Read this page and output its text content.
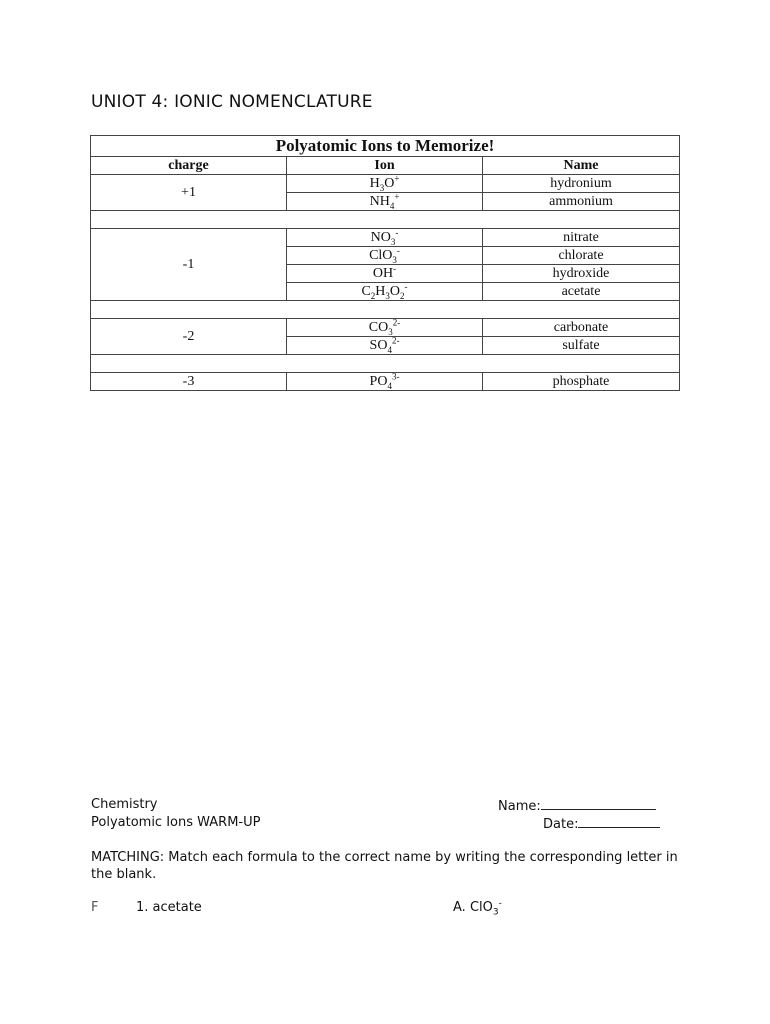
UNIOT 4: IONIC NOMENCLATURE
Polyatomic Ions to Memorize!		
charge	Ion	Name
+1	$H_3O^+$	hydronium
	$NH_4^+$	ammonium

-1	$NO_3^-$	nitrate
	ClO$_3$-	chlorate
	OH-	hydroxide
	$C_2H_3O_2^-$	acetate

-2	$CO_3^{2-}$	carbonate
	$SO_4^{2-}$	sulfate

-3	$PO_4^{3-}$	phosphate
Chemistry
Polyatomic Ions WARM-UP
Name:
Date:
MATCHING: Match each formula to the correct name by writing the corresponding letter in the blank.
F	1. acetate	A. ClO$_3$-
